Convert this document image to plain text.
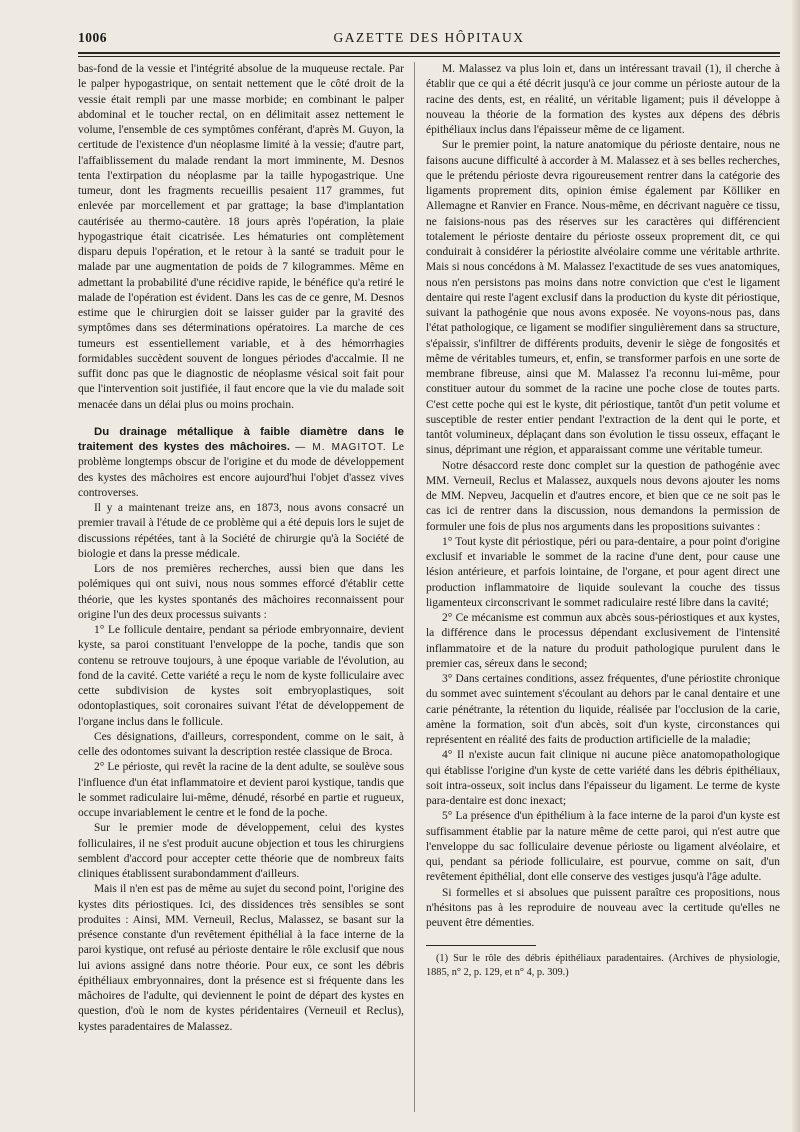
1006	GAZETTE DES HÔPITAUX

bas-fond de la vessie et l'intégrité absolue de la muqueuse rectale. Par le palper hypogastrique, on sentait nettement que le côté droit de la vessie était rempli par une masse morbide; en combinant le palper abdominal et le toucher rectal, on en délimitait assez nettement le volume, l'ensemble de ces symptômes conférant, d'après M. Guyon, la certitude de l'existence d'un néoplasme limité à la vessie; d'autre part, l'affaiblissement du malade rendant la mort imminente, M. Desnos tenta l'extirpation du néoplasme par la taille hypogastrique. Une tumeur, dont les fragments recueillis pesaient 117 grammes, fut enlevée par morcellement et par grattage; la base d'implantation cautérisée au thermo-cautère. 18 jours après l'opération, la plaie hypogastrique était cicatrisée. Les hématuries ont complètement disparu depuis l'opération, et le retour à la santé se traduit pour le malade par une augmentation de poids de 7 kilogrammes. Même en admettant la probabilité d'une récidive rapide, le bénéfice qu'a retiré le malade de l'opération est évident. Dans les cas de ce genre, M. Desnos estime que le chirurgien doit se laisser guider par la gravité des symptômes dans ses déterminations opératoires. La marche de ces tumeurs est essentiellement variable, et à des hémorrhagies formidables succèdent souvent de longues périodes d'accalmie. Il ne suffit donc pas que le diagnostic de néoplasme vésical soit fait pour que l'intervention soit justifiée, il faut encore que la vie du malade soit menacée dans un délai plus ou moins prochain.

Du drainage métallique à faible diamètre dans le traitement des kystes des mâchoires. — M. MAGITOT. Le problème longtemps obscur de l'origine et du mode de développement des kystes des mâchoires est encore aujourd'hui l'objet d'assez vives controverses.

Il y a maintenant treize ans, en 1873, nous avons consacré un premier travail à l'étude de ce problème qui a été depuis lors le sujet de discussions répétées, tant à la Société de chirurgie qu'à la Société de biologie et dans la presse médicale.

Lors de nos premières recherches, aussi bien que dans les polémiques qui ont suivi, nous nous sommes efforcé d'établir cette théorie, que les kystes spontanés des mâchoires reconnaissent pour origine l'un des deux processus suivants :

1° Le follicule dentaire, pendant sa période embryonnaire, devient kyste, sa paroi constituant l'enveloppe de la poche, tandis que son contenu se retrouve toujours, à une époque variable de l'évolution, au fond de la cavité. Cette variété a reçu le nom de kyste folliculaire avec cette subdivision de kystes soit embryoplastiques, soit odontoplastiques, soit coronaires suivant l'état de développement de l'organe inclus dans le follicule.

Ces désignations, d'ailleurs, correspondent, comme on le sait, à celle des odontomes suivant la description restée classique de Broca.

2° Le périoste, qui revêt la racine de la dent adulte, se soulève sous l'influence d'un état inflammatoire et devient paroi kystique, tandis que le sommet radiculaire lui-même, dénudé, résorbé en partie et rugueux, occupe invariablement le centre et le fond de la poche.

Sur le premier mode de développement, celui des kystes folliculaires, il ne s'est produit aucune objection et tous les chirurgiens semblent d'accord pour accepter cette théorie que de nombreux faits cliniques établissent surabondamment d'ailleurs.

Mais il n'en est pas de même au sujet du second point, l'origine des kystes dits périostiques. Ici, des dissidences très sensibles se sont produites : Ainsi, MM. Verneuil, Reclus, Malassez, se basant sur la présence constante d'un revêtement épithélial à la face interne de la paroi kystique, ont refusé au périoste dentaire le rôle exclusif que nous lui avions assigné dans notre théorie. Pour eux, ce sont les débris épithéliaux embryonnaires, dont la présence est si fréquente dans les mâchoires de l'adulte, qui deviennent le point de départ des kystes en question, d'où le nom de kystes péridentaires (Verneuil et Reclus), kystes paradentaires de Malassez.

M. Malassez va plus loin et, dans un intéressant travail (1), il cherche à établir que ce qui a été décrit jusqu'à ce jour comme un périoste autour de la racine des dents, est, en réalité, un véritable ligament; puis il développe à nouveau la théorie de la formation des kystes aux dépens des débris épithéliaux inclus dans l'épaisseur même de ce ligament.

Sur le premier point, la nature anatomique du périoste dentaire, nous ne faisons aucune difficulté à accorder à M. Malassez et à ses belles recherches, que le prétendu périoste devra rigoureusement rentrer dans la catégorie des ligaments proprement dits, opinion émise également par Kölliker en Allemagne et Ranvier en France. Nous-même, en décrivant naguère ce tissu, ne faisions-nous pas des réserves sur les caractères qui différencient totalement le périoste dentaire du périoste osseux proprement dit, ce qui conduirait à considérer la périostite alvéolaire comme une véritable arthrite. Mais si nous concédons à M. Malassez l'exactitude de ses vues anatomiques, nous n'en persistons pas moins dans notre conviction que c'est le ligament dentaire qui reste l'agent exclusif dans la production du kyste dit périostique, suivant la pathogénie que nous avons exposée. Ne voyons-nous pas, dans l'état pathologique, ce ligament se modifier singulièrement dans sa structure, s'épaissir, s'infiltrer de différents produits, devenir le siège de fongosités et même de véritables tumeurs, et, enfin, se transformer parfois en une sorte de membrane fibreuse, ainsi que M. Malassez l'a reconnu lui-même, pour constituer autour du sommet de la racine une poche close de toutes parts. C'est cette poche qui est le kyste, dit périostique, tantôt d'un petit volume et susceptible de rester entier pendant l'extraction de la dent qui le porte, et tantôt volumineux, déplaçant dans son évolution le tissu osseux, effaçant le sinus, déprimant une région, et apparaissant comme une véritable tumeur.

Notre désaccord reste donc complet sur la question de pathogénie avec MM. Verneuil, Reclus et Malassez, auxquels nous devons ajouter les noms de MM. Nepveu, Jacquelin et d'autres encore, et bien que ce ne soit pas le cas ici de rentrer dans la discussion, nous demandons la permission de formuler une fois de plus nos arguments dans les propositions suivantes :

1° Tout kyste dit périostique, péri ou para-dentaire, a pour point d'origine exclusif et invariable le sommet de la racine d'une dent, pour cause une lésion antérieure, et parfois lointaine, de l'organe, et pour agent direct une production inflammatoire de liquide soulevant la couche des tissus ligamenteux circonscrivant le sommet radiculaire resté libre dans la cavité;

2° Ce mécanisme est commun aux abcès sous-périostiques et aux kystes, la différence dans le processus dépendant exclusivement de l'intensité inflammatoire et de la nature du produit pathologique purulent dans le premier cas, séreux dans le second;

3° Dans certaines conditions, assez fréquentes, d'une périostite chronique du sommet avec suintement s'écoulant au dehors par le canal dentaire et une carie pénétrante, la rétention du liquide, réalisée par l'occlusion de la carie, amène la formation, soit d'un abcès, soit d'un kyste, circonstances qui représentent en réalité des faits de production artificielle de la maladie;

4° Il n'existe aucun fait clinique ni aucune pièce anatomopathologique qui établisse l'origine d'un kyste de cette variété dans les débris épithéliaux, soit intra-osseux, soit inclus dans l'épaisseur du ligament. Le terme de kyste para-dentaire est donc inexact;

5° La présence d'un épithélium à la face interne de la paroi d'un kyste est suffisamment établie par la nature même de cette paroi, qui n'est autre que l'enveloppe du sac folliculaire devenue périoste ou ligament alvéolaire, et qui, pendant sa période folliculaire, est pourvue, comme on sait, d'un revêtement épithélial, dont elle conserve des vestiges jusqu'à l'âge adulte.

Si formelles et si absolues que puissent paraître ces propositions, nous n'hésitons pas à les reproduire de nouveau avec la certitude qu'elles ne peuvent être démenties.

(1) Sur le rôle des débris épithéliaux paradentaires. (Archives de physiologie, 1885, n° 2, p. 129, et n° 4, p. 309.)
